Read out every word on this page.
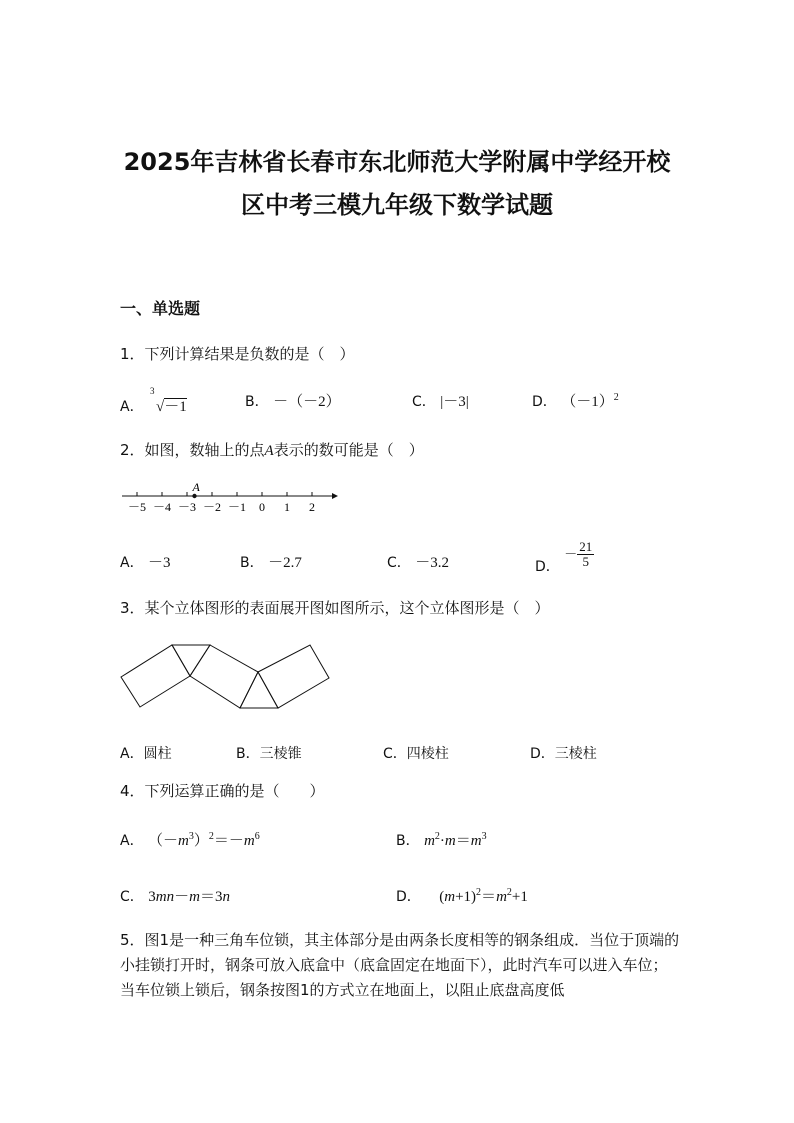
2025年吉林省长春市东北师范大学附属中学经开校
区中考三模九年级下数学试题
一、单选题
1．下列计算结果是负数的是（　）
A．
3
√－1	B． －（－2）	C． |－3|	D． $(-1)^2$
2．如图，数轴上的点A表示的数可能是（　）
－5 －4 －3 －2 －1 0 1 2
A
A． －3	B． －2.7	C． －3.2	D． － $\frac{21}{5}$
3．某个立体图形的表面展开图如图所示，这个立体图形是（　）
A．圆柱	B．三棱锥	C．四棱柱	D．三棱柱
4．下列运算正确的是（　　）
A． $(-m^3)^2=-m^6$	B． $m^2\cdot m=m^3$
C． 3mn－m＝3n	D． $(m+1)^2=m^2+1$
5．图1是一种三角车位锁，其主体部分是由两条长度相等的钢条组成．当位于顶端的小挂锁打开时，钢条可放入底盒中（底盒固定在地面下），此时汽车可以进入车位；当车位锁上锁后，钢条按图1的方式立在地面上，以阻止底盘高度低
